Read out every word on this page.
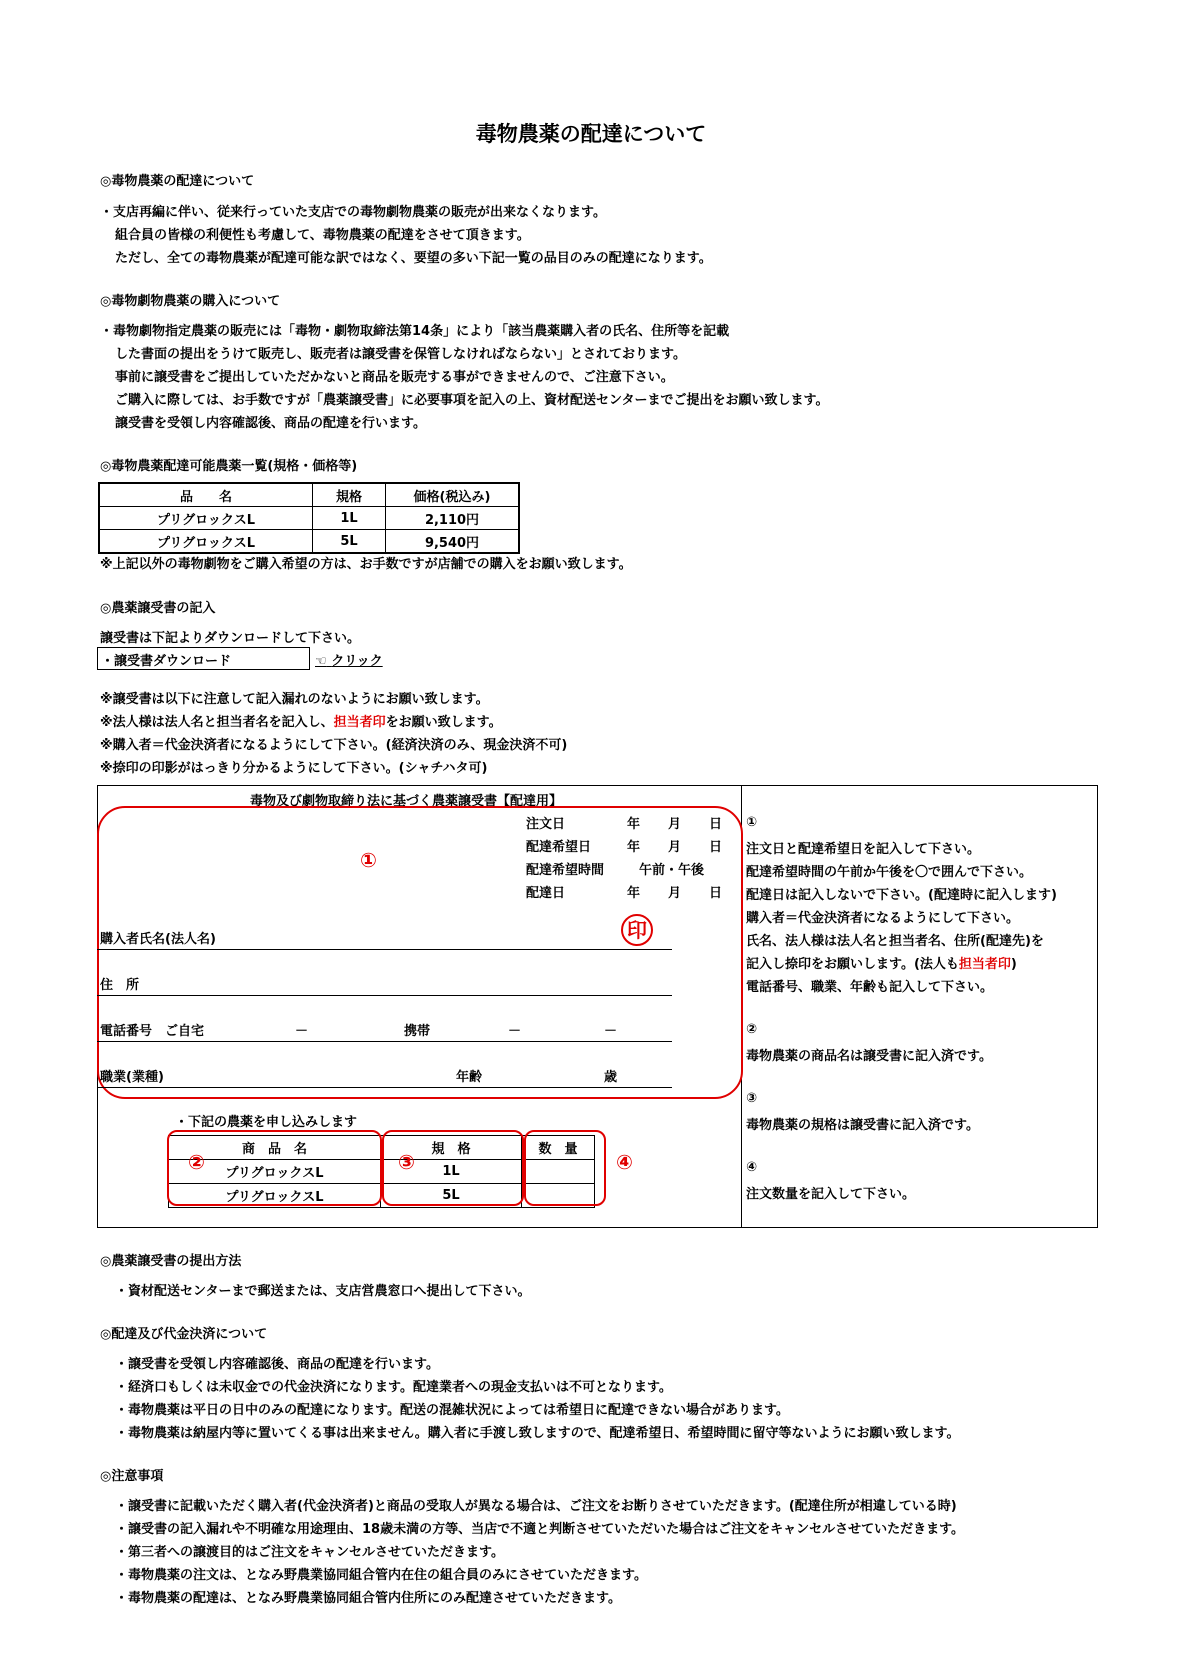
毒物農薬の配達について
◎毒物農薬の配達について
・支店再編に伴い、従来行っていた支店での毒物劇物農薬の販売が出来なくなります。
組合員の皆様の利便性も考慮して、毒物農薬の配達をさせて頂きます。
ただし、全ての毒物農薬が配達可能な訳ではなく、要望の多い下記一覧の品目のみの配達になります。
◎毒物劇物農薬の購入について
・毒物劇物指定農薬の販売には「毒物・劇物取締法第14条」により「該当農薬購入者の氏名、住所等を記載
した書面の提出をうけて販売し、販売者は譲受書を保管しなければならない」とされております。
事前に譲受書をご提出していただかないと商品を販売する事ができませんので、ご注意下さい。
ご購入に際しては、お手数ですが「農薬譲受書」に必要事項を記入の上、資材配送センターまでご提出をお願い致します。
譲受書を受領し内容確認後、商品の配達を行います。
◎毒物農薬配達可能農薬一覧(規格・価格等)
品　　名	規格	価格(税込み)
プリグロックスL	1L	2,110円
プリグロックスL	5L	9,540円
※上記以外の毒物劇物をご購入希望の方は、お手数ですが店舗での購入をお願い致します。
◎農薬譲受書の記入
譲受書は下記よりダウンロードして下さい。
・譲受書ダウンロード	☜ クリック
※譲受書は以下に注意して記入漏れのないようにお願い致します。
※法人様は法人名と担当者名を記入し、担当者印をお願い致します。
※購入者＝代金決済者になるようにして下さい。(経済決済のみ、現金決済不可)
※捺印の印影がはっきり分かるようにして下さい。(シャチハタ可)
毒物及び劇物取締り法に基づく農薬譲受書【配達用】
①
注文日	年 月 日
配達希望日	年 月 日
配達希望時間	午前・午後
配達日	年 月 日
印
購入者氏名(法人名)
住　所
電話番号　ご自宅	－	携帯	－	－
職業(業種)	年齢	歳
・下記の農薬を申し込みします
商　品　名	規　格	数　量
プリグロックスL	1L	
プリグロックスL	5L	
②	③	④
①
注文日と配達希望日を記入して下さい。
配達希望時間の午前か午後を〇で囲んで下さい。
配達日は記入しないで下さい。(配達時に記入します)
購入者＝代金決済者になるようにして下さい。
氏名、法人様は法人名と担当者名、住所(配達先)を
記入し捺印をお願いします。(法人も担当者印)
電話番号、職業、年齢も記入して下さい。
②
毒物農薬の商品名は譲受書に記入済です。
③
毒物農薬の規格は譲受書に記入済です。
④
注文数量を記入して下さい。
◎農薬譲受書の提出方法
・資材配送センターまで郵送または、支店営農窓口へ提出して下さい。
◎配達及び代金決済について
・譲受書を受領し内容確認後、商品の配達を行います。
・経済口もしくは未収金での代金決済になります。配達業者への現金支払いは不可となります。
・毒物農薬は平日の日中のみの配達になります。配送の混雑状況によっては希望日に配達できない場合があります。
・毒物農薬は納屋内等に置いてくる事は出来ません。購入者に手渡し致しますので、配達希望日、希望時間に留守等ないようにお願い致します。
◎注意事項
・譲受書に記載いただく購入者(代金決済者)と商品の受取人が異なる場合は、ご注文をお断りさせていただきます。(配達住所が相違している時)
・譲受書の記入漏れや不明確な用途理由、18歳未満の方等、当店で不適と判断させていただいた場合はご注文をキャンセルさせていただきます。
・第三者への譲渡目的はご注文をキャンセルさせていただきます。
・毒物農薬の注文は、となみ野農業協同組合管内在住の組合員のみにさせていただきます。
・毒物農薬の配達は、となみ野農業協同組合管内住所にのみ配達させていただきます。
